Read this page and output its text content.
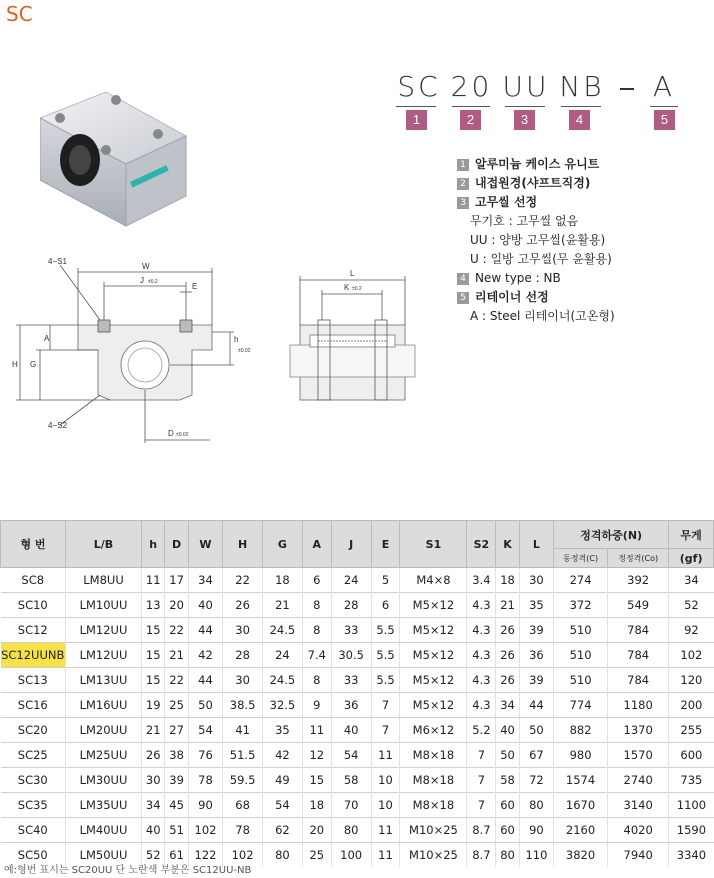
SC
SC
1
20
2
UU
3
NB
4
A
5
1 알루미늄 케이스 유니트
2 내접원경(샤프트직경)
3 고무씰 선정
무기호 : 고무씰 없음
UU : 양방 고무씰(윤활용)
U : 일방 고무씰(무 윤활용)
4 New type : NB
5 리테이너 선정
A : Steel 리테이너(고온형)
4−S1
W
J ±0.2	E
A
H G
4−S2
D ±0.02
h
±0.02
L
K ±0.2
형 번	L/B	h	D	W	H	G	A	J	E	S1	S2	K	L	정격하중(N)		무게
														동정격(C)	정정격(Co)	(gf)
SC8	LM8UU	11	17	34	22	18	6	24	5	M4×8	3.4	18	30	274	392	34
SC10	LM10UU	13	20	40	26	21	8	28	6	M5×12	4.3	21	35	372	549	52
SC12	LM12UU	15	22	44	30	24.5	8	33	5.5	M5×12	4.3	26	39	510	784	92
SC12UUNB	LM12UU	15	21	42	28	24	7.4	30.5	5.5	M5×12	4.3	26	36	510	784	102
SC13	LM13UU	15	22	44	30	24.5	8	33	5.5	M5×12	4.3	26	39	510	784	120
SC16	LM16UU	19	25	50	38.5	32.5	9	36	7	M5×12	4.3	34	44	774	1180	200
SC20	LM20UU	21	27	54	41	35	11	40	7	M6×12	5.2	40	50	882	1370	255
SC25	LM25UU	26	38	76	51.5	42	12	54	11	M8×18	7	50	67	980	1570	600
SC30	LM30UU	30	39	78	59.5	49	15	58	10	M8×18	7	58	72	1574	2740	735
SC35	LM35UU	34	45	90	68	54	18	70	10	M8×18	7	60	80	1670	3140	1100
SC40	LM40UU	40	51	102	78	62	20	80	11	M10×25	8.7	60	90	2160	4020	1590
SC50	LM50UU	52	61	122	102	80	25	100	11	M10×25	8.7	80	110	3820	7940	3340
예:형번 표시는 SC20UU 단 노란색 부분은 SC12UU-NB
